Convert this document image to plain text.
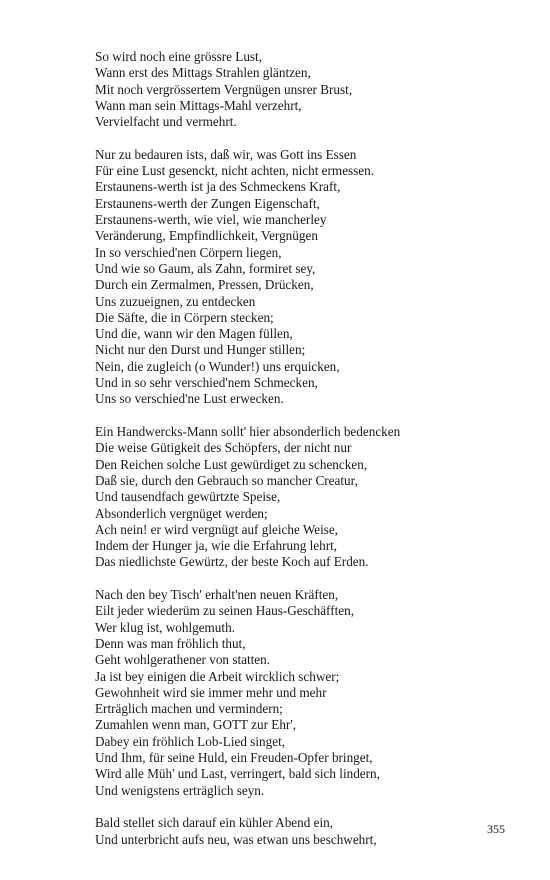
So wird noch eine grössre Lust,
Wann erst des Mittags Strahlen gläntzen,
Mit noch vergrössertem Vergnügen unsrer Brust,
Wann man sein Mittags-Mahl verzehrt,
Vervielfacht und vermehrt.
Nur zu bedauren ists, daß wir, was Gott ins Essen
Für eine Lust gesenckt, nicht achten, nicht ermessen.
Erstaunens-werth ist ja des Schmeckens Kraft,
Erstaunens-werth der Zungen Eigenschaft,
Erstaunens-werth, wie viel, wie mancherley
Veränderung, Empfindlichkeit, Vergnügen
In so verschied'nen Cörpern liegen,
Und wie so Gaum, als Zahn, formiret sey,
Durch ein Zermalmen, Pressen, Drücken,
Uns zuzueignen, zu entdecken
Die Säfte, die in Cörpern stecken;
Und die, wann wir den Magen füllen,
Nicht nur den Durst und Hunger stillen;
Nein, die zugleich (o Wunder!) uns erquicken,
Und in so sehr verschied'nem Schmecken,
Uns so verschied'ne Lust erwecken.
Ein Handwercks-Mann sollt' hier absonderlich bedencken
Die weise Gütigkeit des Schöpfers, der nicht nur
Den Reichen solche Lust gewürdiget zu schencken,
Daß sie, durch den Gebrauch so mancher Creatur,
Und tausendfach gewürtzte Speise,
Absonderlich vergnüget werden;
Ach nein! er wird vergnügt auf gleiche Weise,
Indem der Hunger ja, wie die Erfahrung lehrt,
Das niedlichste Gewürtz, der beste Koch auf Erden.
Nach den bey Tisch' erhalt'nen neuen Kräften,
Eilt jeder wiederüm zu seinen Haus-Geschäfften,
Wer klug ist, wohlgemuth.
Denn was man fröhlich thut,
Geht wohlgerathener von statten.
Ja ist bey einigen die Arbeit wircklich schwer;
Gewohnheit wird sie immer mehr und mehr
Erträglich machen und vermindern;
Zumahlen wenn man, GOTT zur Ehr',
Dabey ein fröhlich Lob-Lied singet,
Und Ihm, für seine Huld, ein Freuden-Opfer bringet,
Wird alle Müh' und Last, verringert, bald sich lindern,
Und wenigstens erträglich seyn.
Bald stellet sich darauf ein kühler Abend ein,
Und unterbricht aufs neu, was etwan uns beschwehrt,
355
